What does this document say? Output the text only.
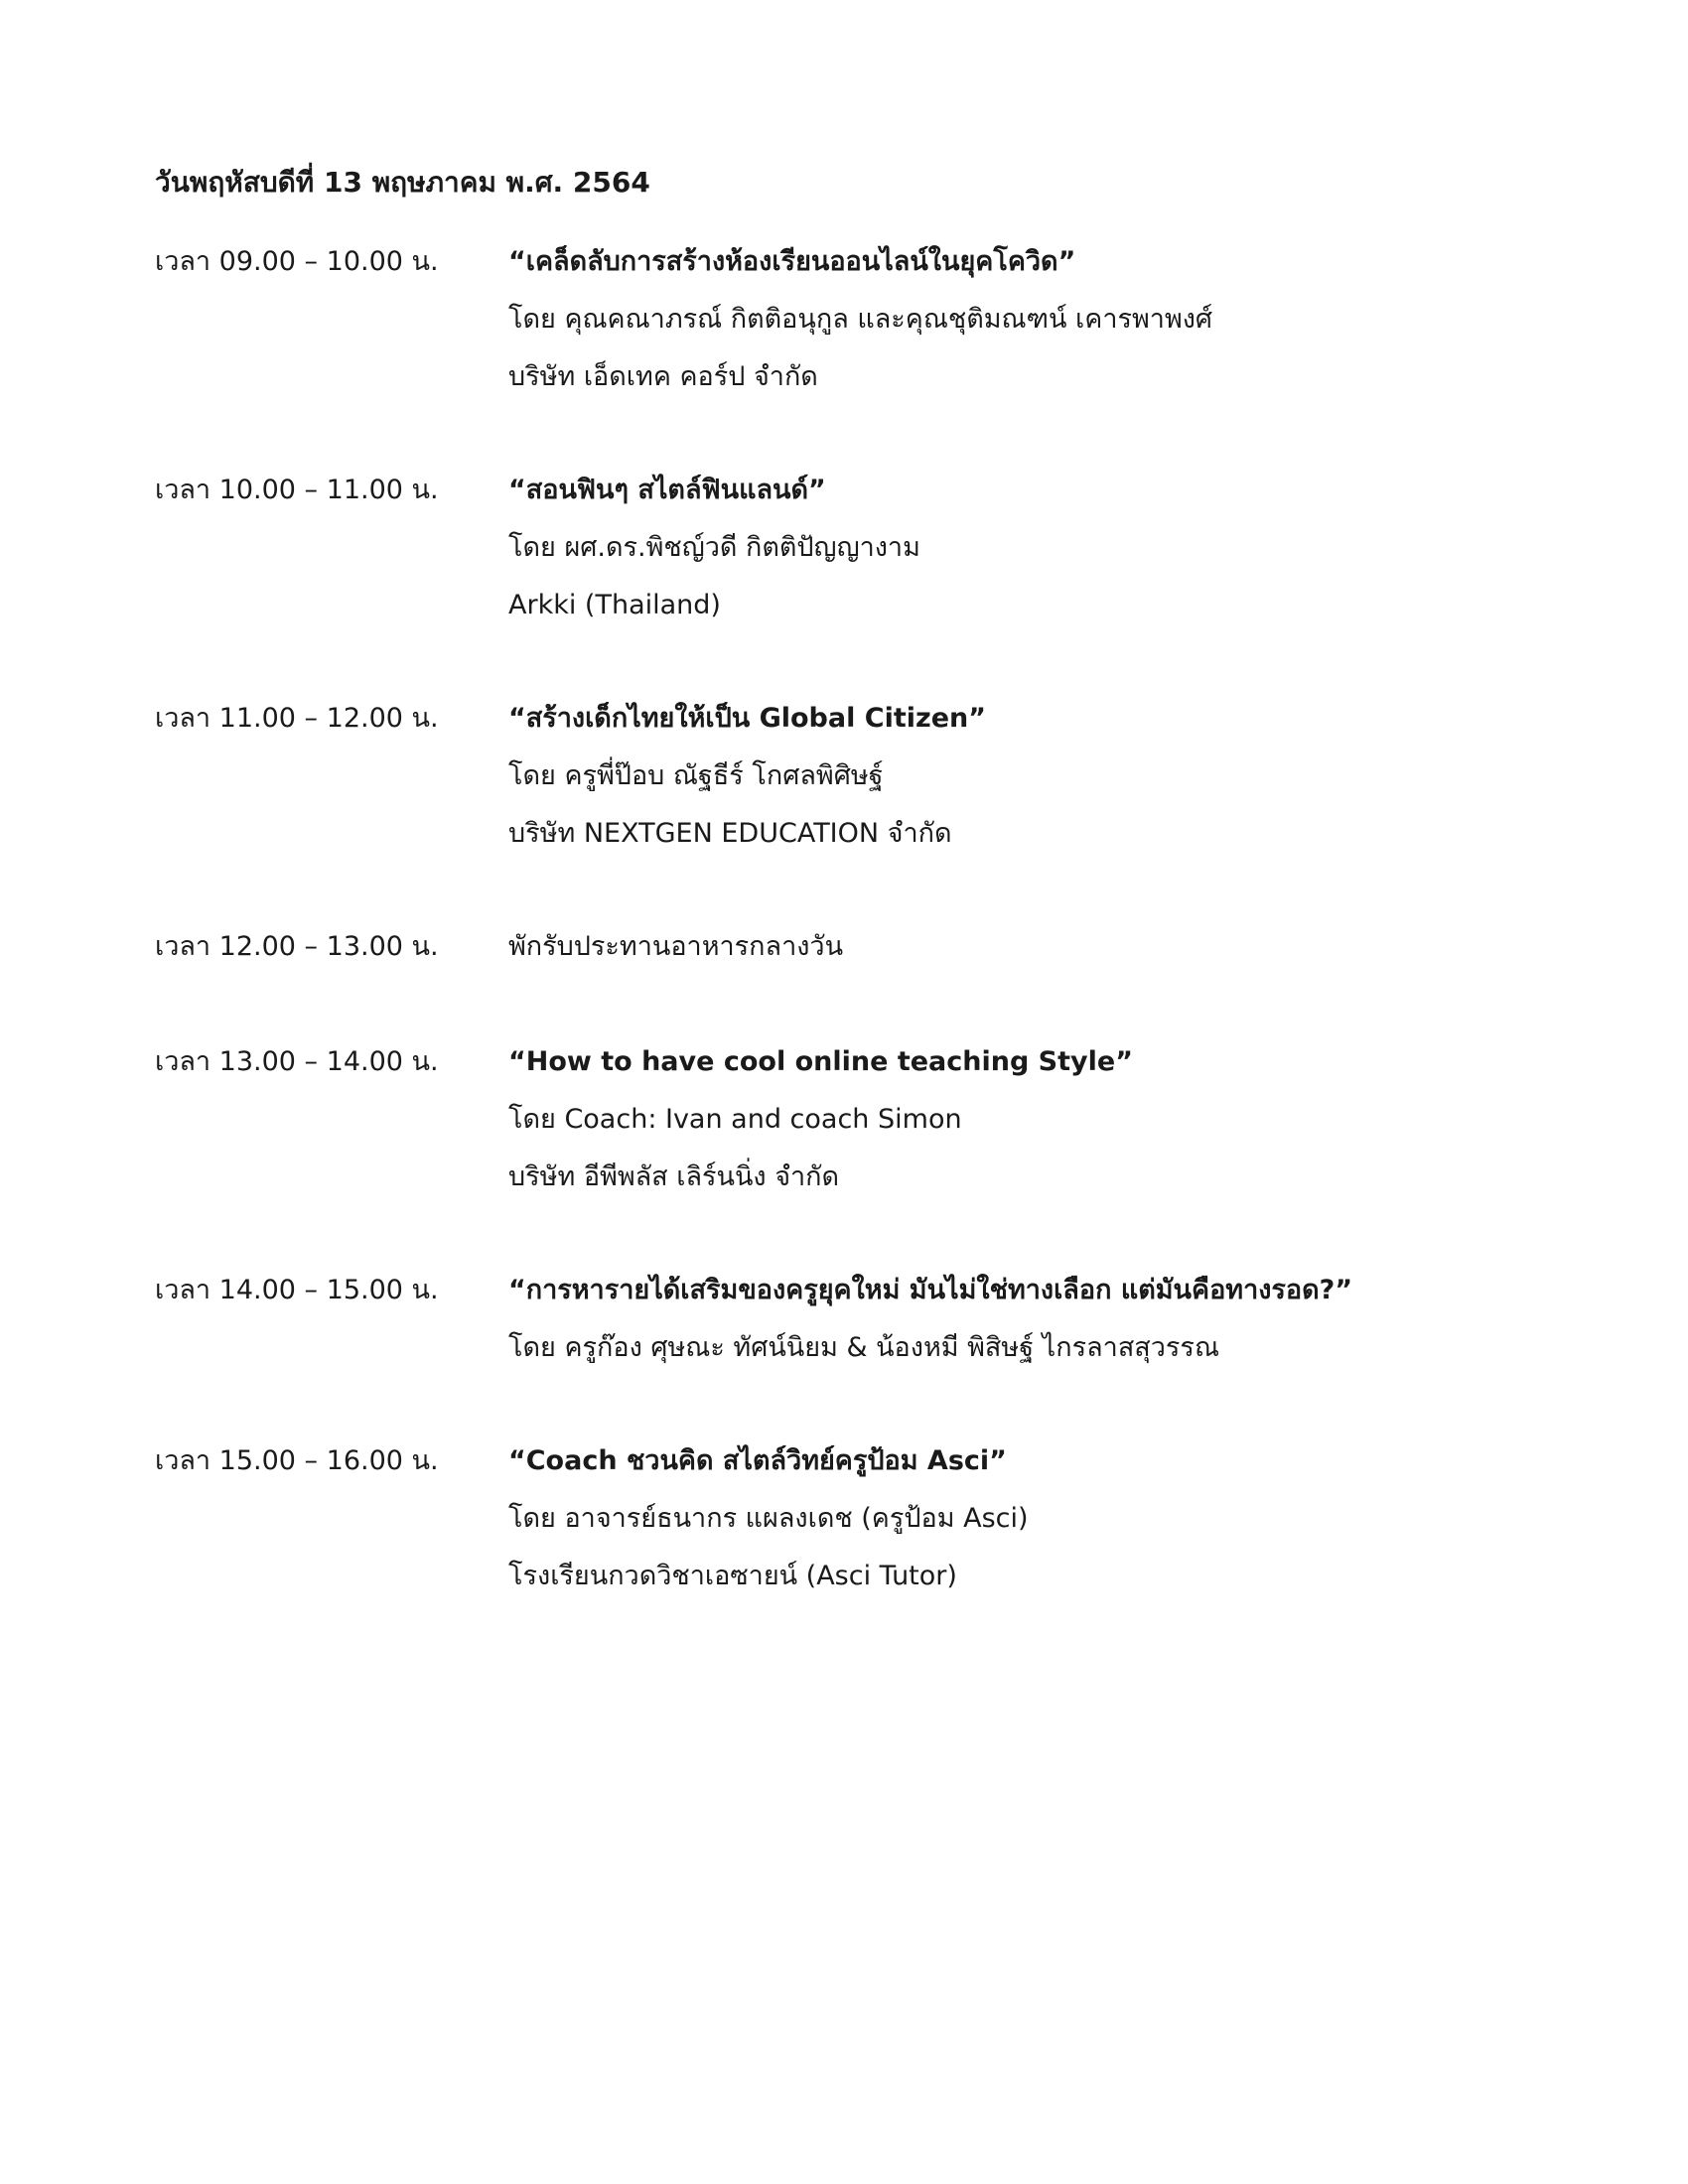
วันพฤหัสบดีที่ 13 พฤษภาคม พ.ศ. 2564
เวลา 09.00 – 10.00 น.	“เคล็ดลับการสร้างห้องเรียนออนไลน์ในยุคโควิด”
โดย คุณคณาภรณ์ กิตติอนุกูล และคุณชุติมณฑน์ เคารพาพงศ์
บริษัท เอ็ดเทค คอร์ป จำกัด
เวลา 10.00 – 11.00 น.	“สอนฟินๆ สไตล์ฟินแลนด์”
โดย ผศ.ดร.พิชญ์วดี กิตติปัญญางาม
Arkki (Thailand)
เวลา 11.00 – 12.00 น.	“สร้างเด็กไทยให้เป็น Global Citizen”
โดย ครูพี่ป๊อบ ณัฐธีร์ โกศลพิศิษฐ์
บริษัท NEXTGEN EDUCATION จำกัด
เวลา 12.00 – 13.00 น.	พักรับประทานอาหารกลางวัน
เวลา 13.00 – 14.00 น.	“How to have cool online teaching Style”
โดย Coach: Ivan and coach Simon
บริษัท อีพีพลัส เลิร์นนิ่ง จำกัด
เวลา 14.00 – 15.00 น.	“การหารายได้เสริมของครูยุคใหม่ มันไม่ใช่ทางเลือก แต่มันคือทางรอด?”
โดย ครูก๊อง ศุษณะ ทัศน์นิยม & น้องหมี พิสิษฐ์ ไกรลาสสุวรรณ
เวลา 15.00 – 16.00 น.	“Coach ชวนคิด สไตล์วิทย์ครูป้อม Asci”
โดย อาจารย์ธนากร แผลงเดช (ครูป้อม Asci)
โรงเรียนกวดวิชาเอซายน์ (Asci Tutor)
